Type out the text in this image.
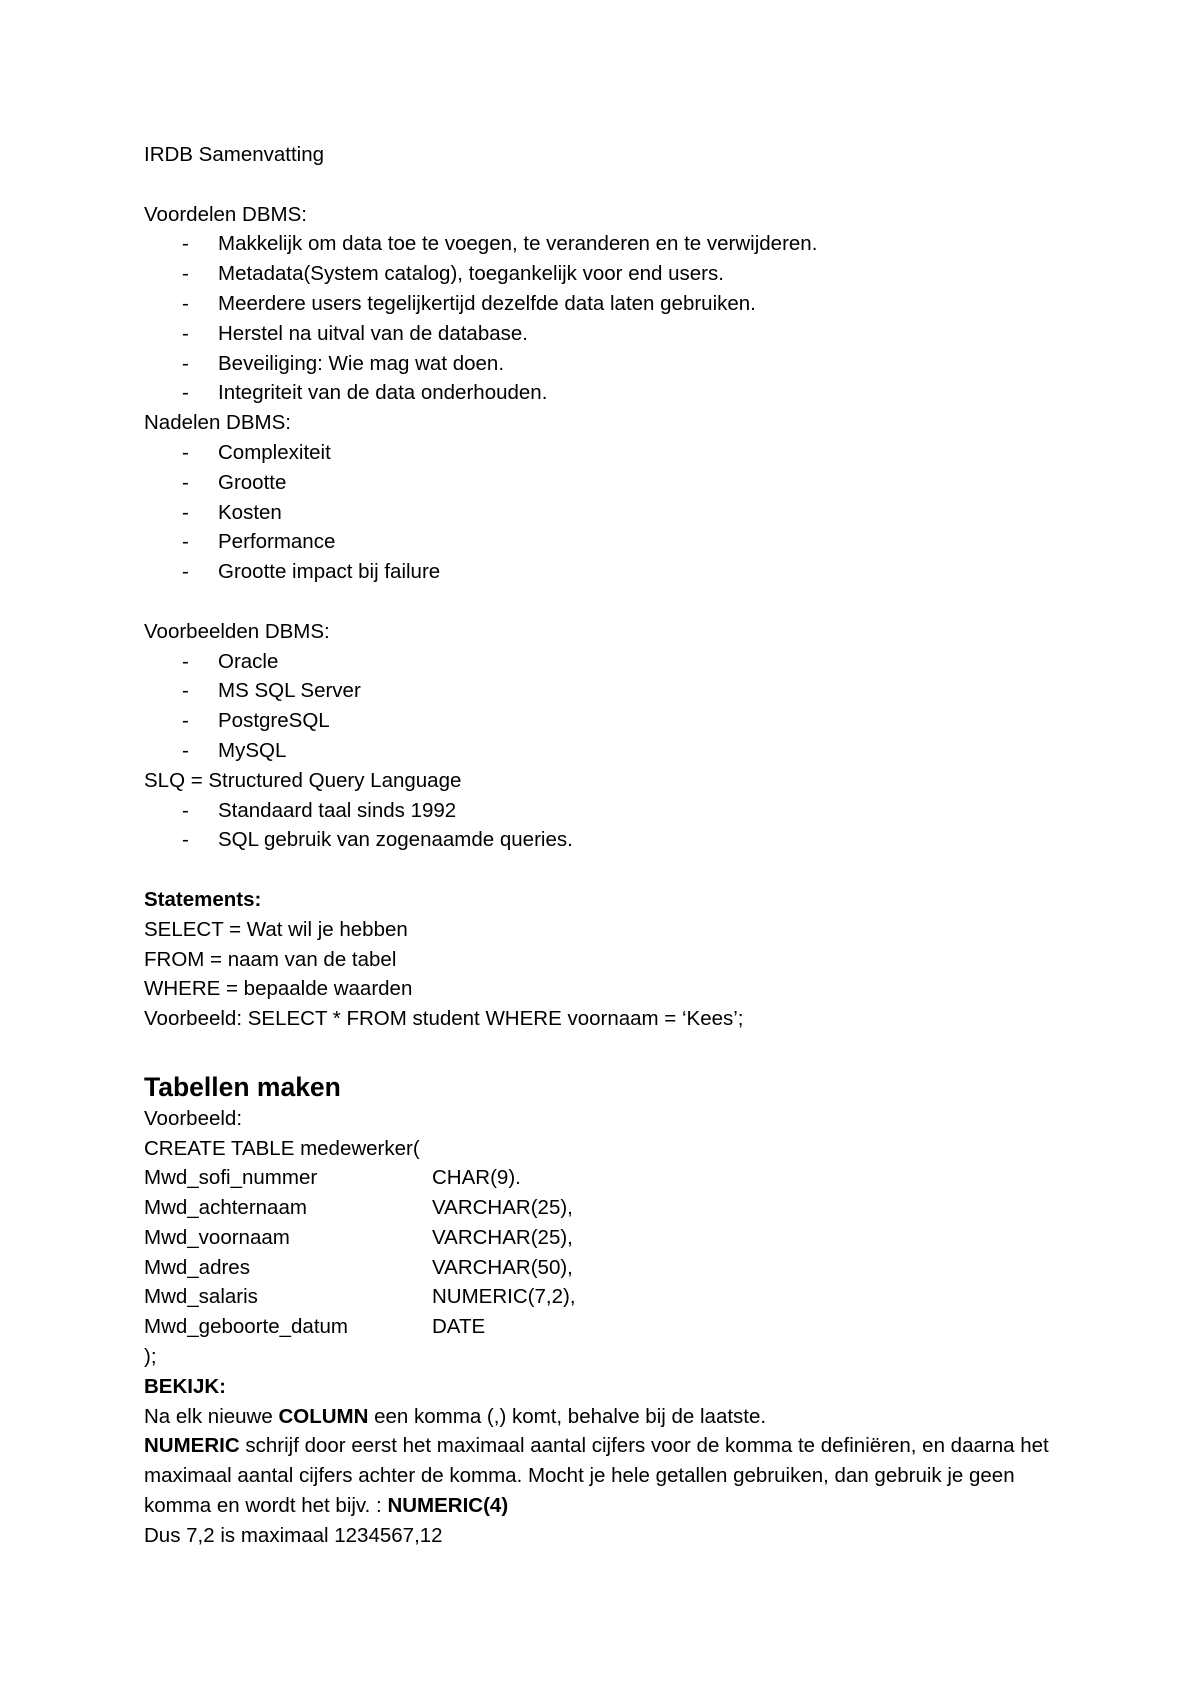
IRDB Samenvatting
Voordelen DBMS:
- Makkelijk om data toe te voegen, te veranderen en te verwijderen.
- Metadata(System catalog), toegankelijk voor end users.
- Meerdere users tegelijkertijd dezelfde data laten gebruiken.
- Herstel na uitval van de database.
- Beveiliging: Wie mag wat doen.
- Integriteit van de data onderhouden.
Nadelen DBMS:
- Complexiteit
- Grootte
- Kosten
- Performance
- Grootte impact bij failure
Voorbeelden DBMS:
- Oracle
- MS SQL Server
- PostgreSQL
- MySQL
SLQ = Structured Query Language
- Standaard taal sinds 1992
- SQL gebruik van zogenaamde queries.
Statements:
SELECT = Wat wil je hebben
FROM = naam van de tabel
WHERE = bepaalde waarden
Voorbeeld: SELECT * FROM student WHERE voornaam = ‘Kees’;
Tabellen maken
Voorbeeld:
CREATE TABLE medewerker(
Mwd_sofi_nummer	CHAR(9).
Mwd_achternaam	VARCHAR(25),
Mwd_voornaam	VARCHAR(25),
Mwd_adres	VARCHAR(50),
Mwd_salaris	NUMERIC(7,2),
Mwd_geboorte_datum	DATE
);
BEKIJK:
Na elk nieuwe COLUMN een komma (,) komt, behalve bij de laatste.
NUMERIC schrijf door eerst het maximaal aantal cijfers voor de komma te definiëren, en daarna het maximaal aantal cijfers achter de komma. Mocht je hele getallen gebruiken, dan gebruik je geen komma en wordt het bijv. : NUMERIC(4)
Dus 7,2 is maximaal 1234567,12
